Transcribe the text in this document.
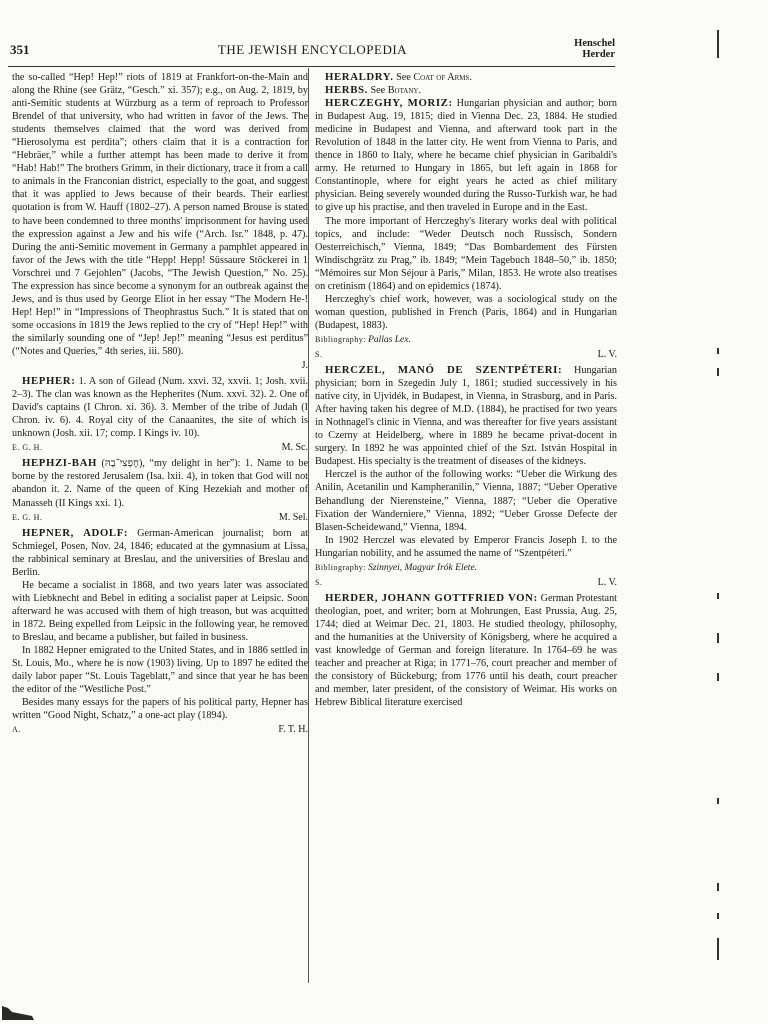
351	THE JEWISH ENCYCLOPEDIA	Henschel
Herder

the so-called “Hep! Hep!” riots of 1819 at Frankfort-on-the-Main and along the Rhine (see Grätz, “Gesch.” xi. 357); e.g., on Aug. 2, 1819, by anti-Semitic students at Würzburg as a term of reproach to Professor Brendel of that university, who had written in favor of the Jews. The students themselves claimed that the word was derived from “Hierosolyma est perdita”; others claim that it is a contraction for “Hebräer,” while a further attempt has been made to derive it from “Hab! Hab!” The brothers Grimm, in their dictionary, trace it from a call to animals in the Franconian district, especially to the goat, and suggest that it was applied to Jews because of their beards. Their earliest quotation is from W. Hauff (1802–27). A person named Brouse is stated to have been condemned to three months' imprisonment for having used the expression against a Jew and his wife (“Arch. Isr.” 1848, p. 47). During the anti-Semitic movement in Germany a pamphlet appeared in favor of the Jews with the title “Hepp! Hepp! Süssaure Stöckerei in 1 Vorschrei und 7 Gejohlen” (Jacobs, “The Jewish Question,” No. 25). The expression has since become a synonym for an outbreak against the Jews, and is thus used by George Eliot in her essay “The Modern He-! Hep! Hep!” in “Impressions of Theophrastus Such.” It is stated that on some occasions in 1819 the Jews replied to the cry of “Hep! Hep!” with the similarly sounding one of “Jep! Jep!” meaning “Jesus est perditus” (“Notes and Queries,” 4th series, iii. 580).

J.

HEPHER: 1. A son of Gilead (Num. xxvi. 32, xxvii. 1; Josh. xvii. 2–3). The clan was known as the Hepherites (Num. xxvi. 32). 2. One of David's captains (I Chron. xi. 36). 3. Member of the tribe of Judah (I Chron. iv. 6). 4. Royal city of the Canaanites, the site of which is unknown (Josh. xii. 17; comp. I Kings iv. 10).

E. G. H.	M. Sc.

HEPHZI-BAH (חֶפְצִי־בָהּ), “my delight in her”): 1. Name to be borne by the restored Jerusalem (Isa. lxii. 4), in token that God will not abandon it. 2. Name of the queen of King Hezekiah and mother of Manasseh (II Kings xxi. 1).

E. G. H.	M. Sel.

HEPNER, ADOLF: German-American journalist; born at Schmiegel, Posen, Nov. 24, 1846; educated at the gymnasium at Lissa, the rabbinical seminary at Breslau, and the universities of Breslau and Berlin.

He became a socialist in 1868, and two years later was associated with Liebknecht and Bebel in editing a socialist paper at Leipsic. Soon afterward he was accused with them of high treason, but was acquitted in 1872. Being expelled from Leipsic in the following year, he removed to Breslau, and became a publisher, but failed in business.

In 1882 Hepner emigrated to the United States, and in 1886 settled in St. Louis, Mo., where he is now (1903) living. Up to 1897 he edited the daily labor paper “St. Louis Tageblatt,” and since that year he has been the editor of the “Westliche Post.”

Besides many essays for the papers of his political party, Hepner has written “Good Night, Schatz,” a one-act play (1894).

A.	F. T. H.

HERALDRY. See Coat of Arms.

HERBS. See Botany.

HERCZEGHY, MORIZ: Hungarian physician and author; born in Budapest Aug. 19, 1815; died in Vienna Dec. 23, 1884. He studied medicine in Budapest and Vienna, and afterward took part in the Revolution of 1848 in the latter city. He went from Vienna to Paris, and thence in 1860 to Italy, where he became chief physician in Garibaldi's army. He returned to Hungary in 1865, but left again in 1868 for Constantinople, where for eight years he acted as chief military physician. Being severely wounded during the Russo-Turkish war, he had to give up his practise, and then traveled in Europe and in the East.

The more important of Herczeghy's literary works deal with political topics, and include: “Weder Deutsch noch Russisch, Sondern Oesterreichisch,” Vienna, 1849; “Das Bombardement des Fürsten Windischgrätz zu Prag,” ib. 1849; “Mein Tagebuch 1848–50,” ib. 1850; “Mémoires sur Mon Séjour à Paris,” Milan, 1853. He wrote also treatises on cretinism (1864) and on epidemics (1874).

Herczeghy's chief work, however, was a sociological study on the woman question, published in French (Paris, 1864) and in Hungarian (Budapest, 1883).

Bibliography: Pallas Lex.
S.	L. V.

HERCZEL, MANÓ DE SZENTPÉTERI: Hungarian physician; born in Szegedin July 1, 1861; studied successively in his native city, in Ujvidék, in Budapest, in Vienna, in Strasburg, and in Paris. After having taken his degree of M.D. (1884), he practised for two years in Nothnagel's clinic in Vienna, and was thereafter for five years assistant to Czerny at Heidelberg, where in 1889 he became privat-docent in surgery. In 1892 he was appointed chief of the Szt. István Hospital in Budapest. His specialty is the treatment of diseases of the kidneys.

Herczel is the author of the following works: “Ueber die Wirkung des Anilin, Acetanilin und Kampheranilin,” Vienna, 1887; “Ueber Operative Behandlung der Nierensteine,” Vienna, 1887; “Ueber die Operative Fixation der Wanderniere,” Vienna, 1892; “Ueber Grosse Defecte der Blasen-Scheidewand,” Vienna, 1894.

In 1902 Herczel was elevated by Emperor Francis Joseph I. to the Hungarian nobility, and he assumed the name of “Szentpéteri.”

Bibliography: Szinnyei, Magyar Irók Elete.
S.	L. V.

HERDER, JOHANN GOTTFRIED VON: German Protestant theologian, poet, and writer; born at Mohrungen, East Prussia, Aug. 25, 1744; died at Weimar Dec. 21, 1803. He studied theology, philosophy, and the humanities at the University of Königsberg, where he acquired a vast knowledge of German and foreign literature. In 1764–69 he was teacher and preacher at Riga; in 1771–76, court preacher and member of the consistory of Bückeburg; from 1776 until his death, court preacher and member, later president, of the consistory of Weimar. His works on Hebrew Biblical literature exercised
